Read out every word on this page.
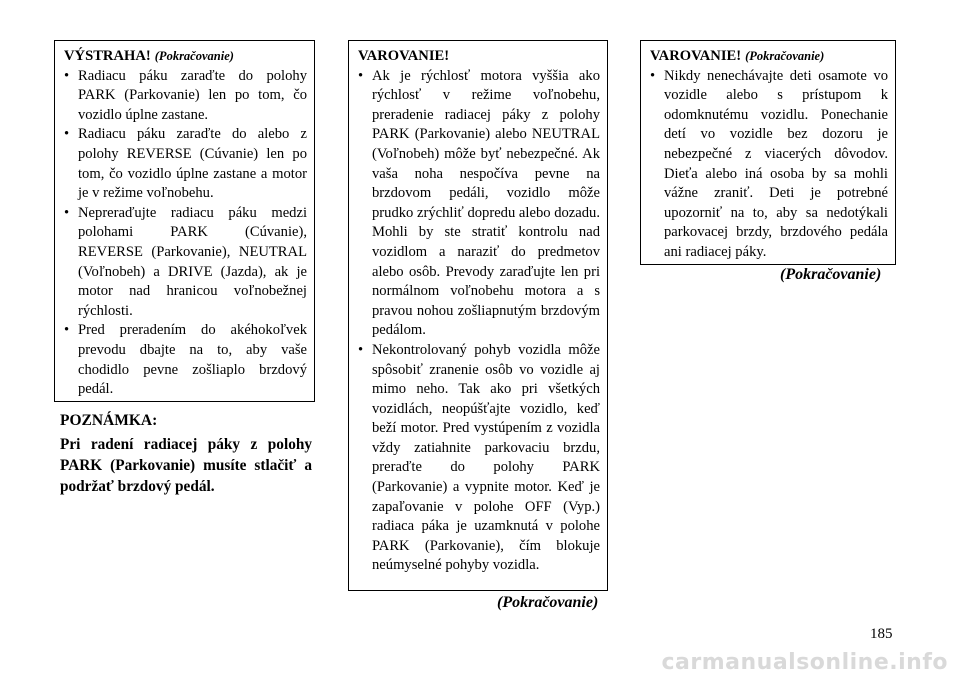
VÝSTRAHA! (Pokračovanie)
• Radiacu páku zaraďte do polohy PARK (Parkovanie) len po tom, čo vozidlo úplne zastane.
• Radiacu páku zaraďte do alebo z polohy REVERSE (Cúvanie) len po tom, čo vozidlo úplne zastane a motor je v režime voľnobehu.
• Nepreraďujte radiacu páku medzi polohami PARK (Cúvanie), REVERSE (Parkovanie), NEUTRAL (Voľnobeh) a DRIVE (Jazda), ak je motor nad hranicou voľnobežnej rýchlosti.
• Pred preradením do akéhokoľvek prevodu dbajte na to, aby vaše chodidlo pevne zošliaplo brzdový pedál.
POZNÁMKA:
Pri radení radiacej páky z polohy PARK (Parkovanie) musíte stlačiť a podržať brzdový pedál.
VAROVANIE!
• Ak je rýchlosť motora vyššia ako rýchlosť v režime voľnobehu, preradenie radiacej páky z polohy PARK (Parkovanie) alebo NEUTRAL (Voľnobeh) môže byť nebezpečné. Ak vaša noha nespočíva pevne na brzdovom pedáli, vozidlo môže prudko zrýchliť dopredu alebo dozadu. Mohli by ste stratiť kontrolu nad vozidlom a naraziť do predmetov alebo osôb. Prevody zaraďujte len pri normálnom voľnobehu motora a s pravou nohou zošliapnutým brzdovým pedálom.
• Nekontrolovaný pohyb vozidla môže spôsobiť zranenie osôb vo vozidle aj mimo neho. Tak ako pri všetkých vozidlách, neopúšťajte vozidlo, keď beží motor. Pred vystúpením z vozidla vždy zatiahnite parkovaciu brzdu, preraďte do polohy PARK (Parkovanie) a vypnite motor. Keď je zapaľovanie v polohe OFF (Vyp.) radiaca páka je uzamknutá v polohe PARK (Parkovanie), čím blokuje neúmyselné pohyby vozidla.
(Pokračovanie)
VAROVANIE! (Pokračovanie)
• Nikdy nenechávajte deti osamote vo vozidle alebo s prístupom k odomknutému vozidlu. Ponechanie detí vo vozidle bez dozoru je nebezpečné z viacerých dôvodov. Dieťa alebo iná osoba by sa mohli vážne zraniť. Deti je potrebné upozorniť na to, aby sa nedotýkali parkovacej brzdy, brzdového pedála ani radiacej páky.
(Pokračovanie)
185
carmanualsonline.info
